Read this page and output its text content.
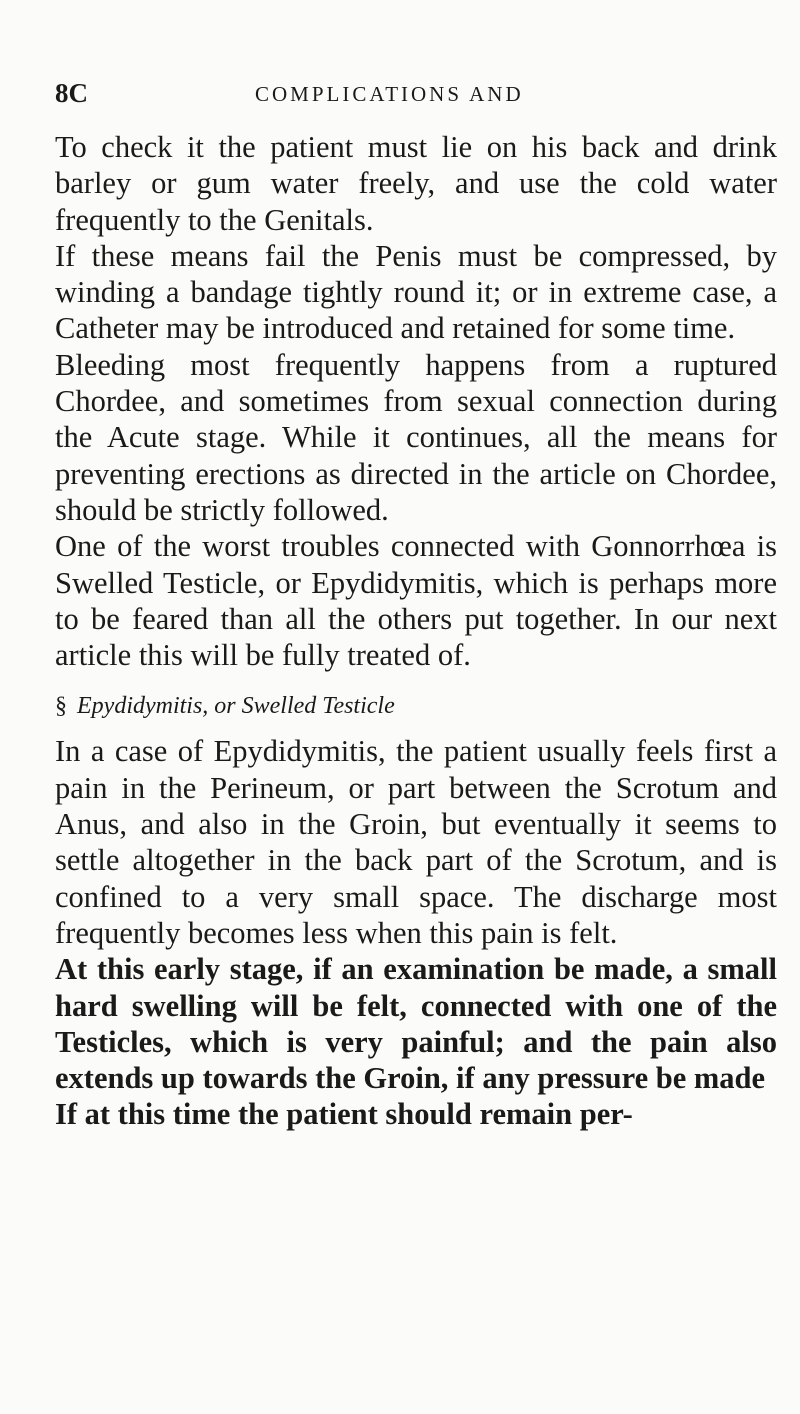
8C	COMPLICATIONS AND

To check it the patient must lie on his back and drink barley or gum water freely, and use the cold water frequently to the Genitals.

If these means fail the Penis must be compressed, by winding a bandage tightly round it; or in extreme case, a Catheter may be introduced and retained for some time.

Bleeding most frequently happens from a ruptured Chordee, and sometimes from sexual connection during the Acute stage. While it continues, all the means for preventing erections as directed in the article on Chordee, should be strictly followed.

One of the worst troubles connected with Gonnorrhœa is Swelled Testicle, or Epydidymitis, which is perhaps more to be feared than all the others put together. In our next article this will be fully treated of.

§ Epydidymitis, or Swelled Testicle

In a case of Epydidymitis, the patient usually feels first a pain in the Perineum, or part between the Scrotum and Anus, and also in the Groin, but eventually it seems to settle altogether in the back part of the Scrotum, and is confined to a very small space. The discharge most frequently becomes less when this pain is felt.

At this early stage, if an examination be made, a small hard swelling will be felt, connected with one of the Testicles, which is very painful; and the pain also extends up towards the Groin, if any pressure be made

If at this time the patient should remain per-
